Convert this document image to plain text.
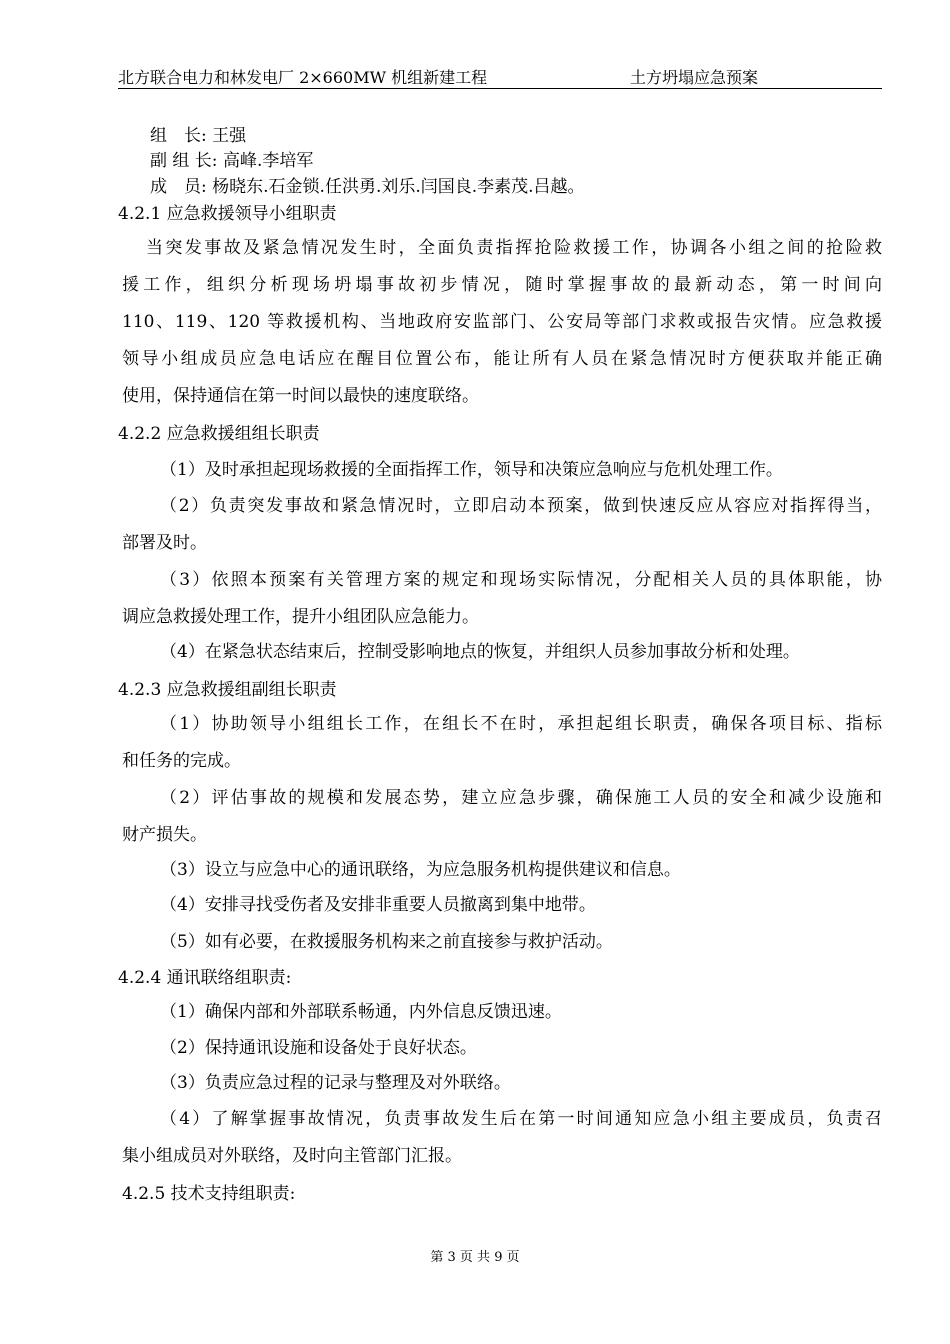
北方联合电力和林发电厂 2×660MW 机组新建工程	土方坍塌应急预案
组　长: 王强
副 组 长: 高峰.李培军
成　员: 杨晓东.石金锁.任洪勇.刘乐.闫国良.李素茂.吕越。
4.2.1 应急救援领导小组职责
当突发事故及紧急情况发生时，全面负责指挥抢险救援工作，协调各小组之间的抢险救
援工作，组织分析现场坍塌事故初步情况，随时掌握事故的最新动态，第一时间向
110、119、120 等救援机构、当地政府安监部门、公安局等部门求救或报告灾情。应急救援
领导小组成员应急电话应在醒目位置公布，能让所有人员在紧急情况时方便获取并能正确
使用，保持通信在第一时间以最快的速度联络。
4.2.2 应急救援组组长职责
（1）及时承担起现场救援的全面指挥工作，领导和决策应急响应与危机处理工作。
（2）负责突发事故和紧急情况时，立即启动本预案，做到快速反应从容应对指挥得当，
部署及时。
（3）依照本预案有关管理方案的规定和现场实际情况，分配相关人员的具体职能，协
调应急救援处理工作，提升小组团队应急能力。
（4）在紧急状态结束后，控制受影响地点的恢复，并组织人员参加事故分析和处理。
4.2.3 应急救援组副组长职责
（1）协助领导小组组长工作，在组长不在时，承担起组长职责，确保各项目标、指标
和任务的完成。
（2）评估事故的规模和发展态势，建立应急步骤，确保施工人员的安全和减少设施和
财产损失。
（3）设立与应急中心的通讯联络，为应急服务机构提供建议和信息。
（4）安排寻找受伤者及安排非重要人员撤离到集中地带。
（5）如有必要，在救援服务机构来之前直接参与救护活动。
4.2.4 通讯联络组职责:
（1）确保内部和外部联系畅通，内外信息反馈迅速。
（2）保持通讯设施和设备处于良好状态。
（3）负责应急过程的记录与整理及对外联络。
（4）了解掌握事故情况，负责事故发生后在第一时间通知应急小组主要成员，负责召
集小组成员对外联络，及时向主管部门汇报。
4.2.5 技术支持组职责:
第 3 页 共 9 页
